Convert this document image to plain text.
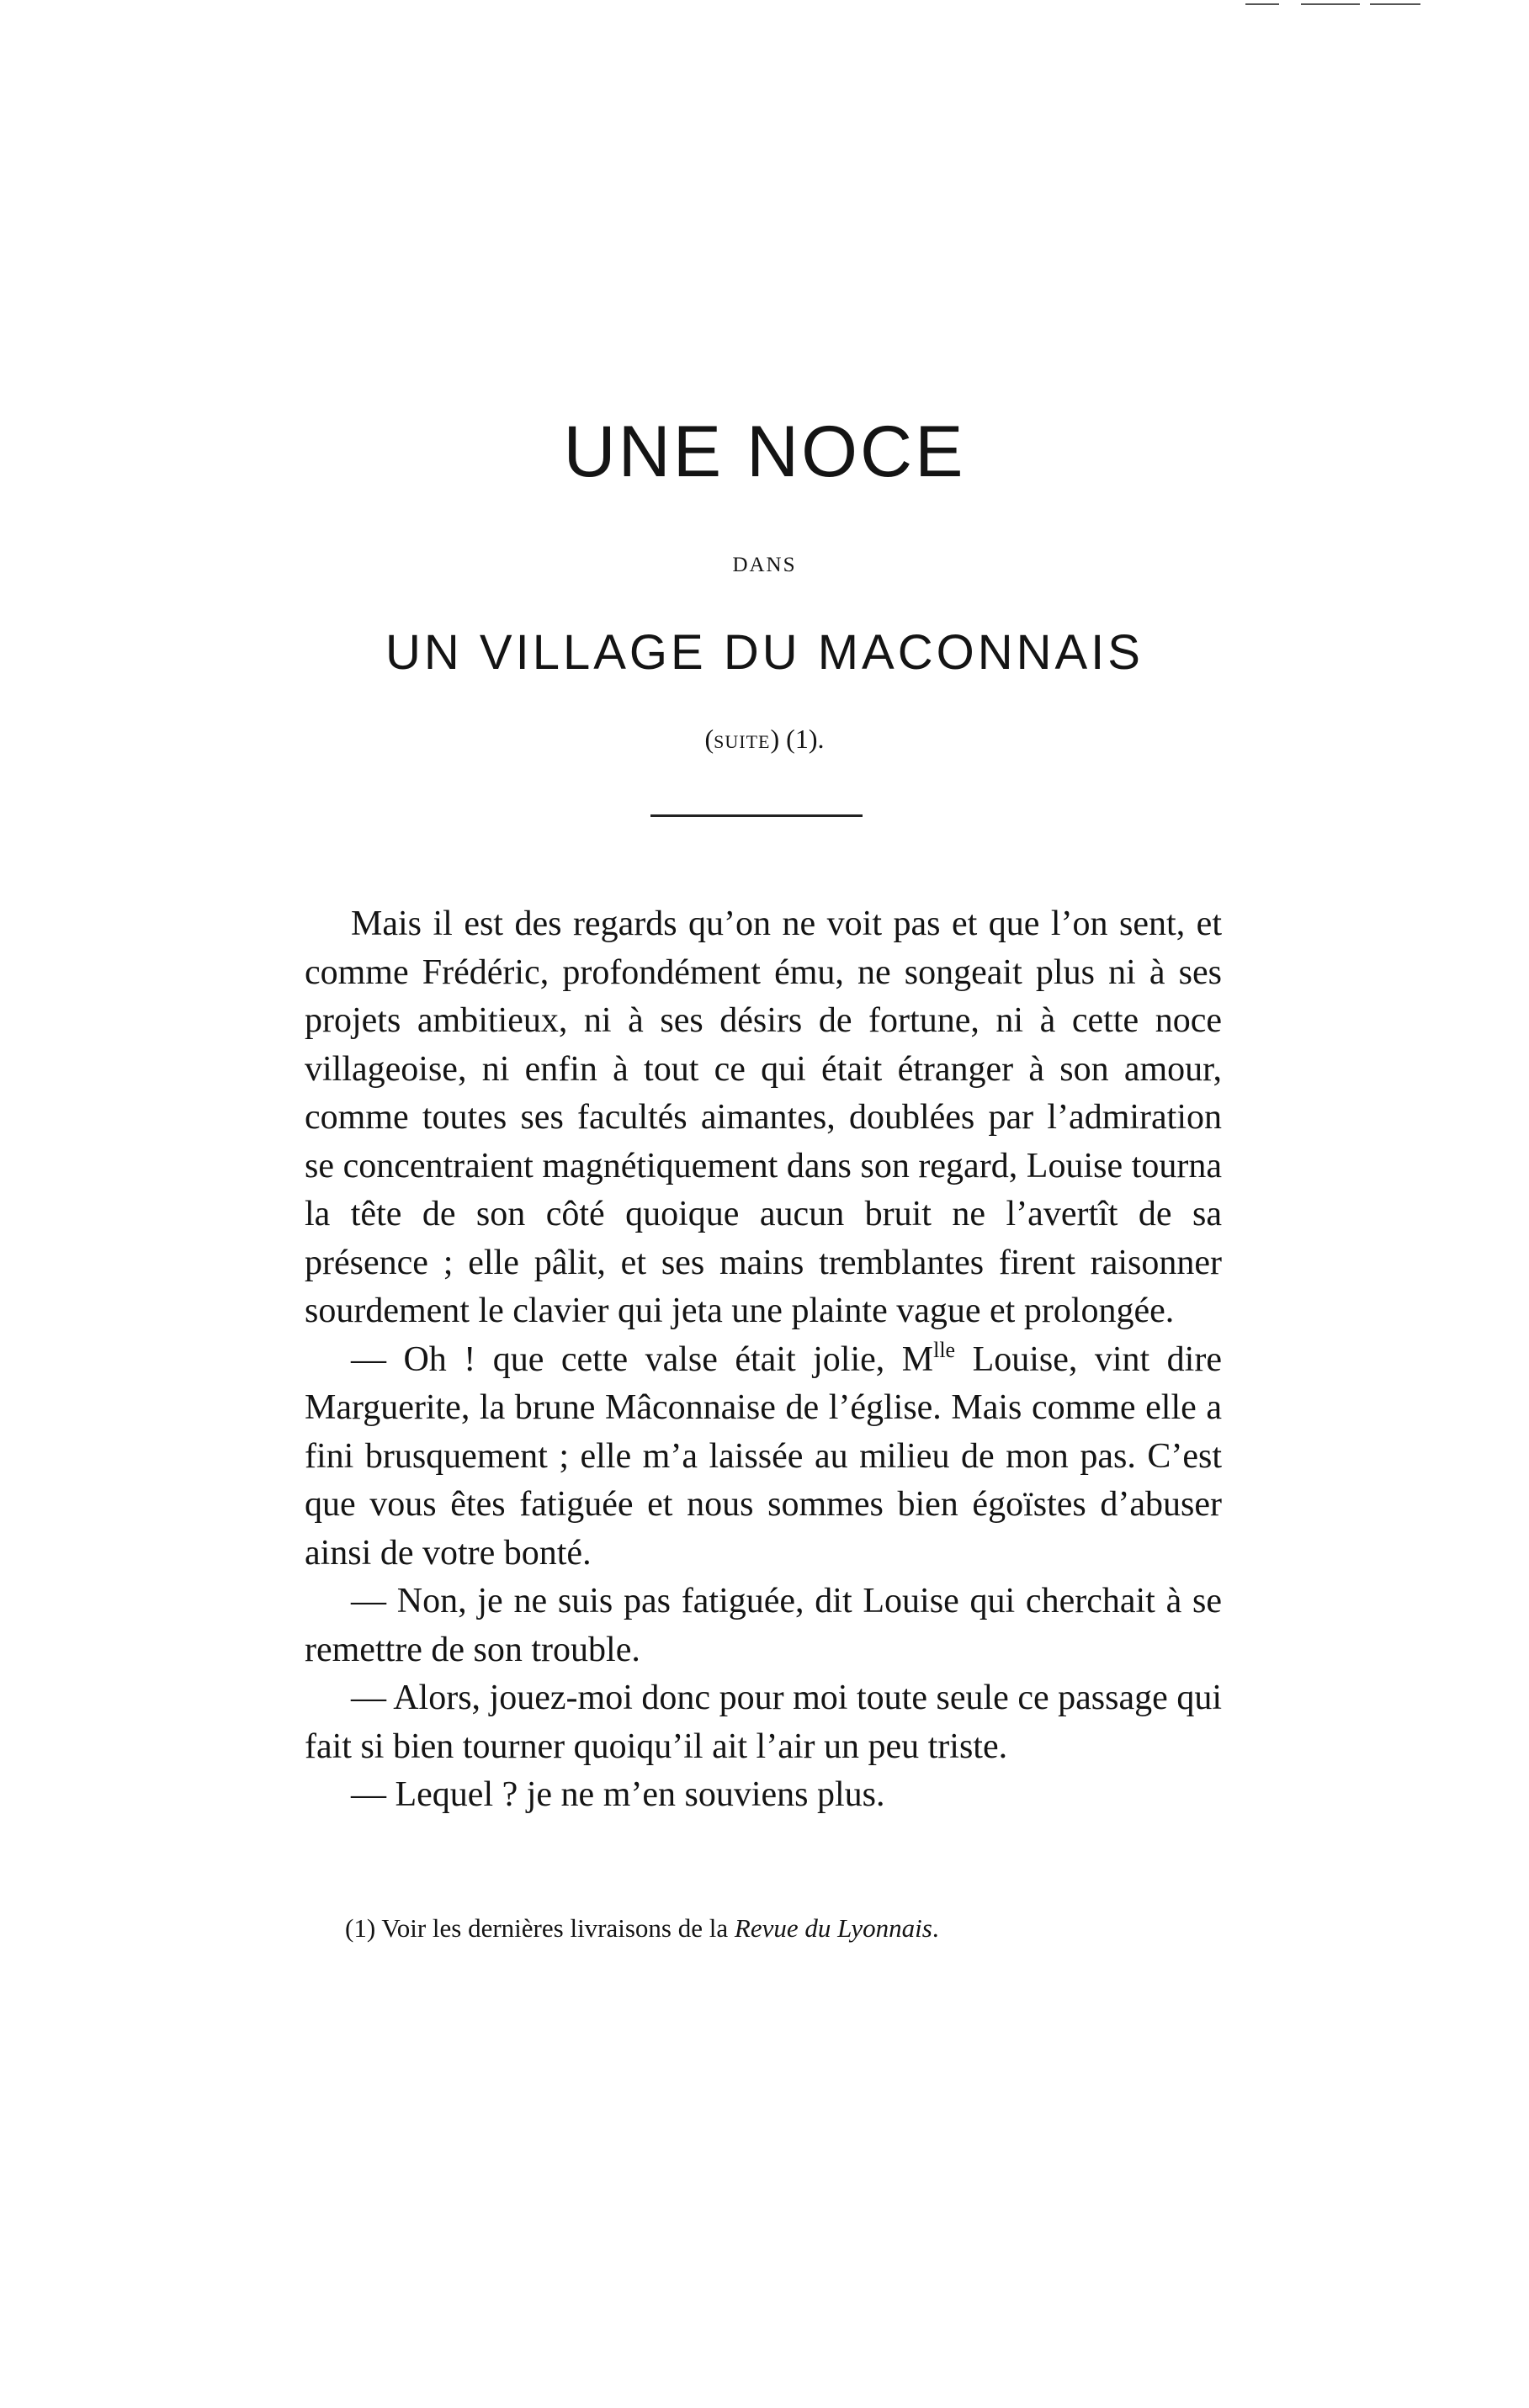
UNE NOCE
DANS
UN VILLAGE DU MACONNAIS
(SUITE) (1).

Mais il est des regards qu’on ne voit pas et que l’on sent, et comme Frédéric, profondément ému, ne songeait plus ni à ses projets ambitieux, ni à ses désirs de fortune, ni à cette noce villageoise, ni enfin à tout ce qui était étranger à son amour, comme toutes ses facultés aimantes, doublées par l’admiration se concentraient magnétiquement dans son regard, Louise tourna la tête de son côté quoique aucun bruit ne l’avertît de sa présence ; elle pâlit, et ses mains tremblantes firent raisonner sourdement le clavier qui jeta une plainte vague et prolongée.

— Oh ! que cette valse était jolie, $M^{lle}$ Louise, vint dire Marguerite, la brune Mâconnaise de l’église. Mais comme elle a fini brusquement ; elle m’a laissée au milieu de mon pas. C’est que vous êtes fatiguée et nous sommes bien égoïstes d’abuser ainsi de votre bonté.

— Non, je ne suis pas fatiguée, dit Louise qui cherchait à se remettre de son trouble.

— Alors, jouez-moi donc pour moi toute seule ce passage qui fait si bien tourner quoiqu’il ait l’air un peu triste.

— Lequel ? je ne m’en souviens plus.

(1) Voir les dernières livraisons de la Revue du Lyonnais.
